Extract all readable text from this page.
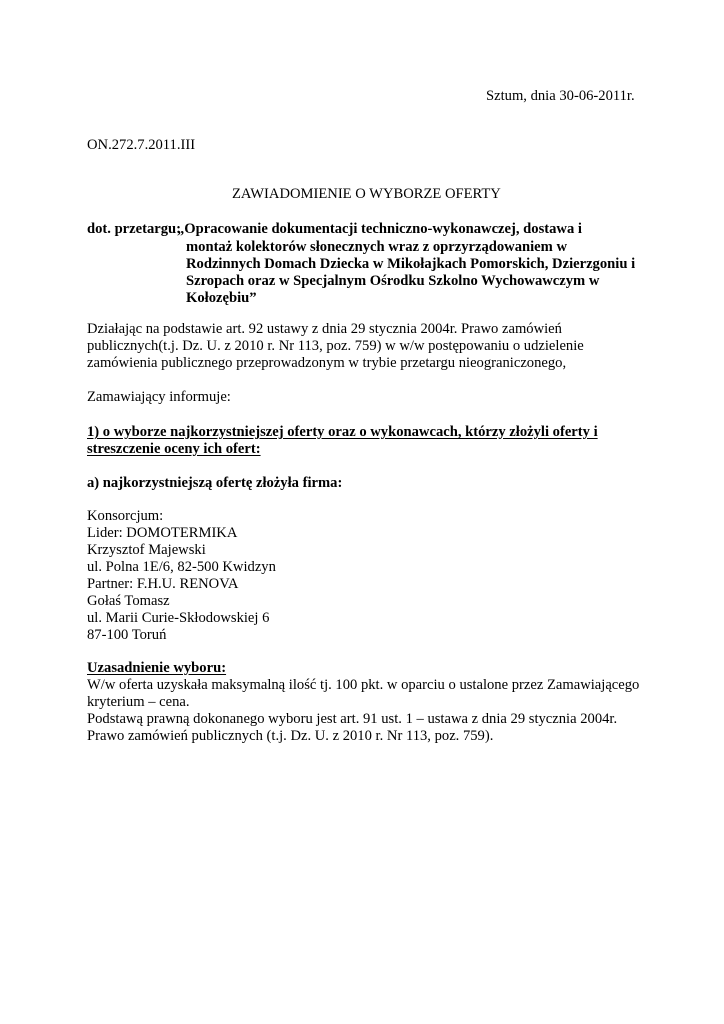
Sztum, dnia 30-06-2011r.
ON.272.7.2011.III
ZAWIADOMIENIE O WYBORZE OFERTY
dot. przetargu:
„Opracowanie dokumentacji techniczno-wykonawczej, dostawa i
montaż kolektorów słonecznych wraz z oprzyrządowaniem w
Rodzinnych Domach Dziecka w Mikołajkach Pomorskich, Dzierzgoniu i
Szropach oraz w Specjalnym Ośrodku Szkolno Wychowawczym w
Kołozębiu”
Działając na podstawie art. 92 ustawy z dnia 29 stycznia 2004r. Prawo zamówień
publicznych(t.j. Dz. U. z 2010 r. Nr 113, poz. 759) w w/w postępowaniu o udzielenie
zamówienia publicznego przeprowadzonym w trybie przetargu nieograniczonego,
Zamawiający informuje:
1) o wyborze najkorzystniejszej oferty oraz o wykonawcach, którzy złożyli oferty i
streszczenie oceny ich ofert:
a) najkorzystniejszą ofertę złożyła firma:
Konsorcjum:
Lider: DOMOTERMIKA
Krzysztof Majewski
ul. Polna 1E/6, 82-500 Kwidzyn
Partner: F.H.U. RENOVA
Gołaś Tomasz
ul. Marii Curie-Skłodowskiej 6
87-100 Toruń
Uzasadnienie wyboru:
W/w oferta uzyskała maksymalną ilość tj. 100 pkt. w oparciu o ustalone przez Zamawiającego
kryterium – cena.
Podstawą prawną dokonanego wyboru jest art. 91 ust. 1 – ustawa z dnia 29 stycznia 2004r.
Prawo zamówień publicznych (t.j. Dz. U. z 2010 r. Nr 113, poz. 759).
